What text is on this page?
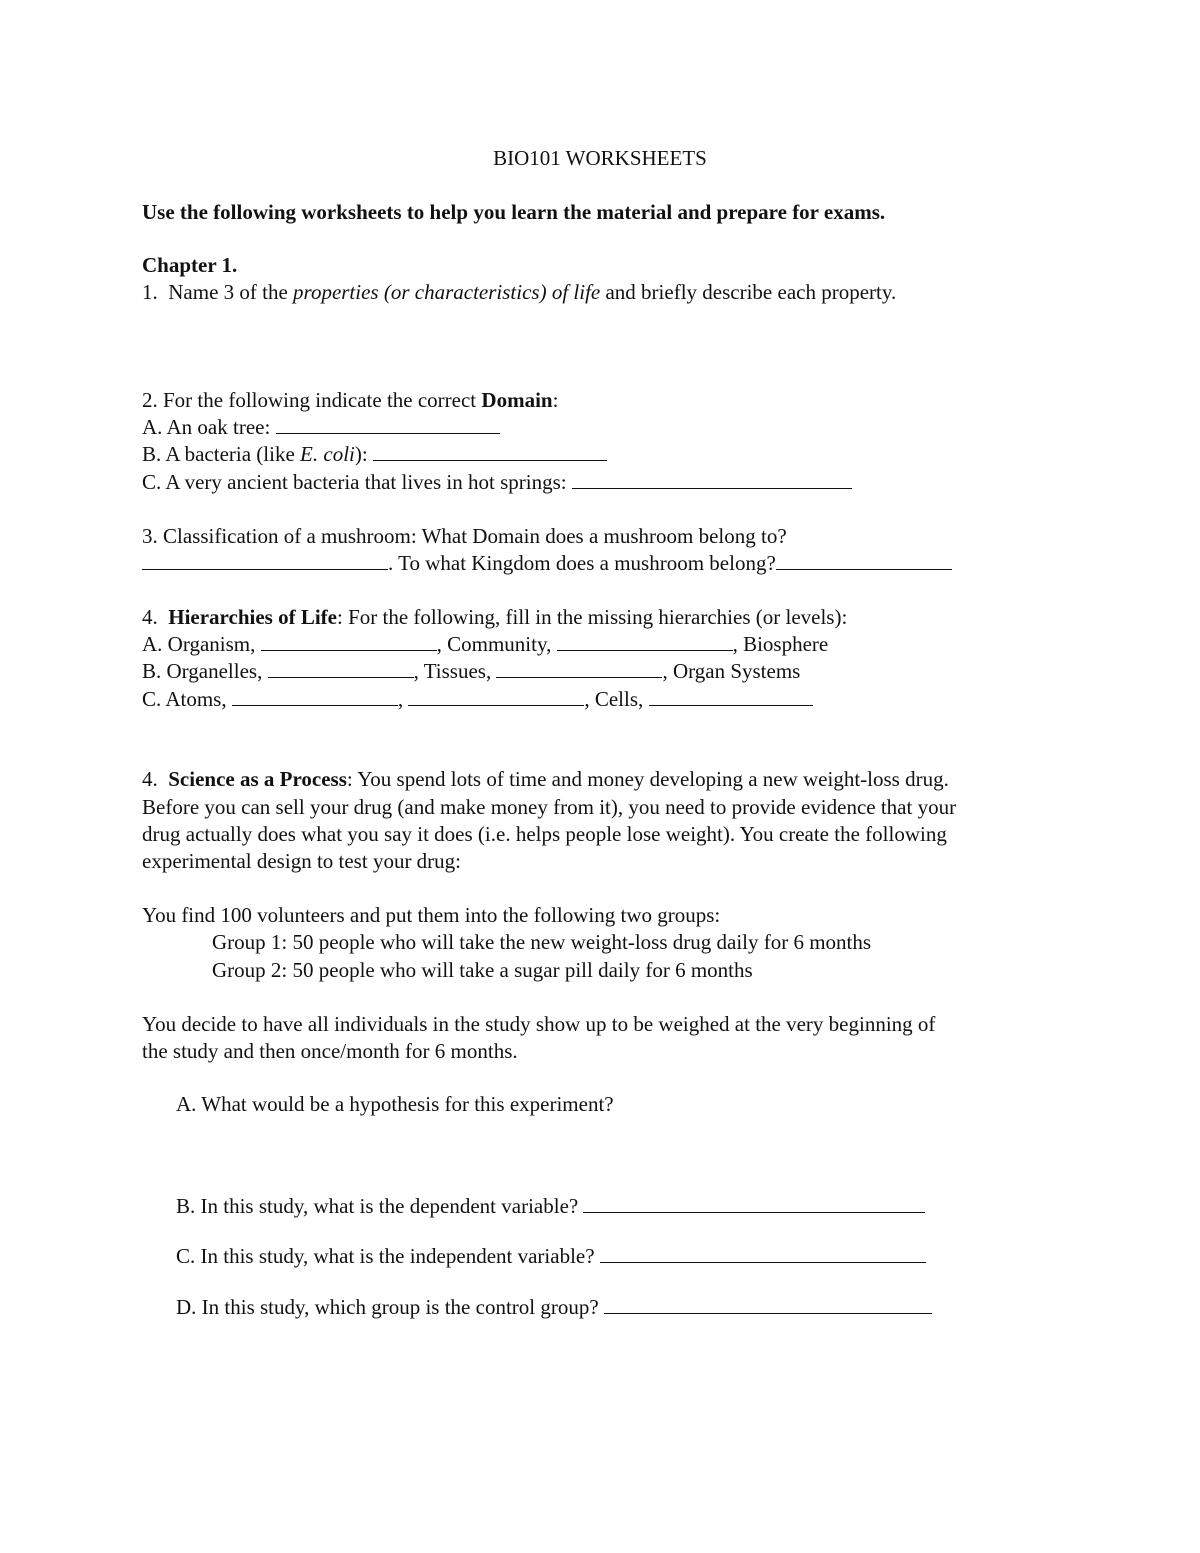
BIO101 WORKSHEETS
Use the following worksheets to help you learn the material and prepare for exams.
Chapter 1.
1. Name 3 of the properties (or characteristics) of life and briefly describe each property.
2. For the following indicate the correct Domain:
A. An oak tree:
B. A bacteria (like E. coli):
C. A very ancient bacteria that lives in hot springs:
3. Classification of a mushroom: What Domain does a mushroom belong to?
. To what Kingdom does a mushroom belong?
4. Hierarchies of Life: For the following, fill in the missing hierarchies (or levels):
A. Organism,	, Community,	, Biosphere
B. Organelles,	, Tissues,	, Organ Systems
C. Atoms,	,	, Cells,
4. Science as a Process: You spend lots of time and money developing a new weight-loss drug.
Before you can sell your drug (and make money from it), you need to provide evidence that your
drug actually does what you say it does (i.e. helps people lose weight). You create the following
experimental design to test your drug:
You find 100 volunteers and put them into the following two groups:
Group 1: 50 people who will take the new weight-loss drug daily for 6 months
Group 2: 50 people who will take a sugar pill daily for 6 months
You decide to have all individuals in the study show up to be weighed at the very beginning of
the study and then once/month for 6 months.
A. What would be a hypothesis for this experiment?
B. In this study, what is the dependent variable?
C. In this study, what is the independent variable?
D. In this study, which group is the control group?
